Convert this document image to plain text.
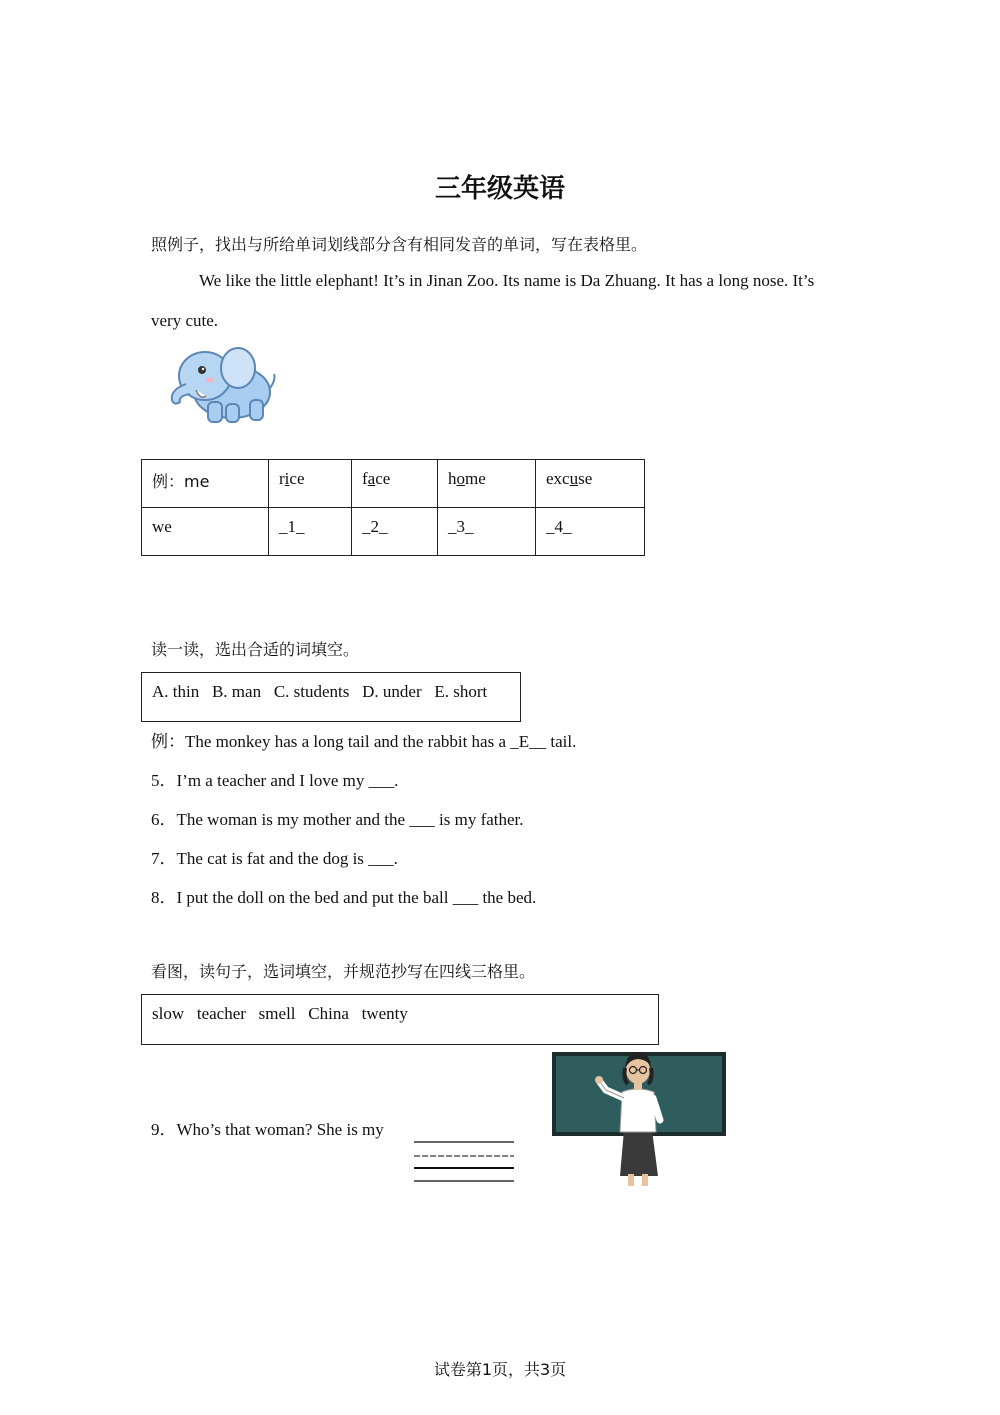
三年级英语
照例子，找出与所给单词划线部分含有相同发音的单词，写在表格里。
We like the little elephant! It’s in Jinan Zoo. Its name is Da Zhuang. It has a long nose. It’s
very cute.
例：me	rice	face	home	excuse
we	_1_	_2_	_3_	_4_
读一读，选出合适的词填空。
A. thin   B. man   C. students   D. under   E. short
例：The monkey has a long tail and the rabbit has a _E__ tail.
5．I’m a teacher and I love my ___.
6．The woman is my mother and the ___ is my father.
7．The cat is fat and the dog is ___.
8．I put the doll on the bed and put the ball ___ the bed.
看图，读句子，选词填空，并规范抄写在四线三格里。
slow   teacher   smell   China   twenty
9．Who’s that woman? She is my
试卷第1页，共3页
